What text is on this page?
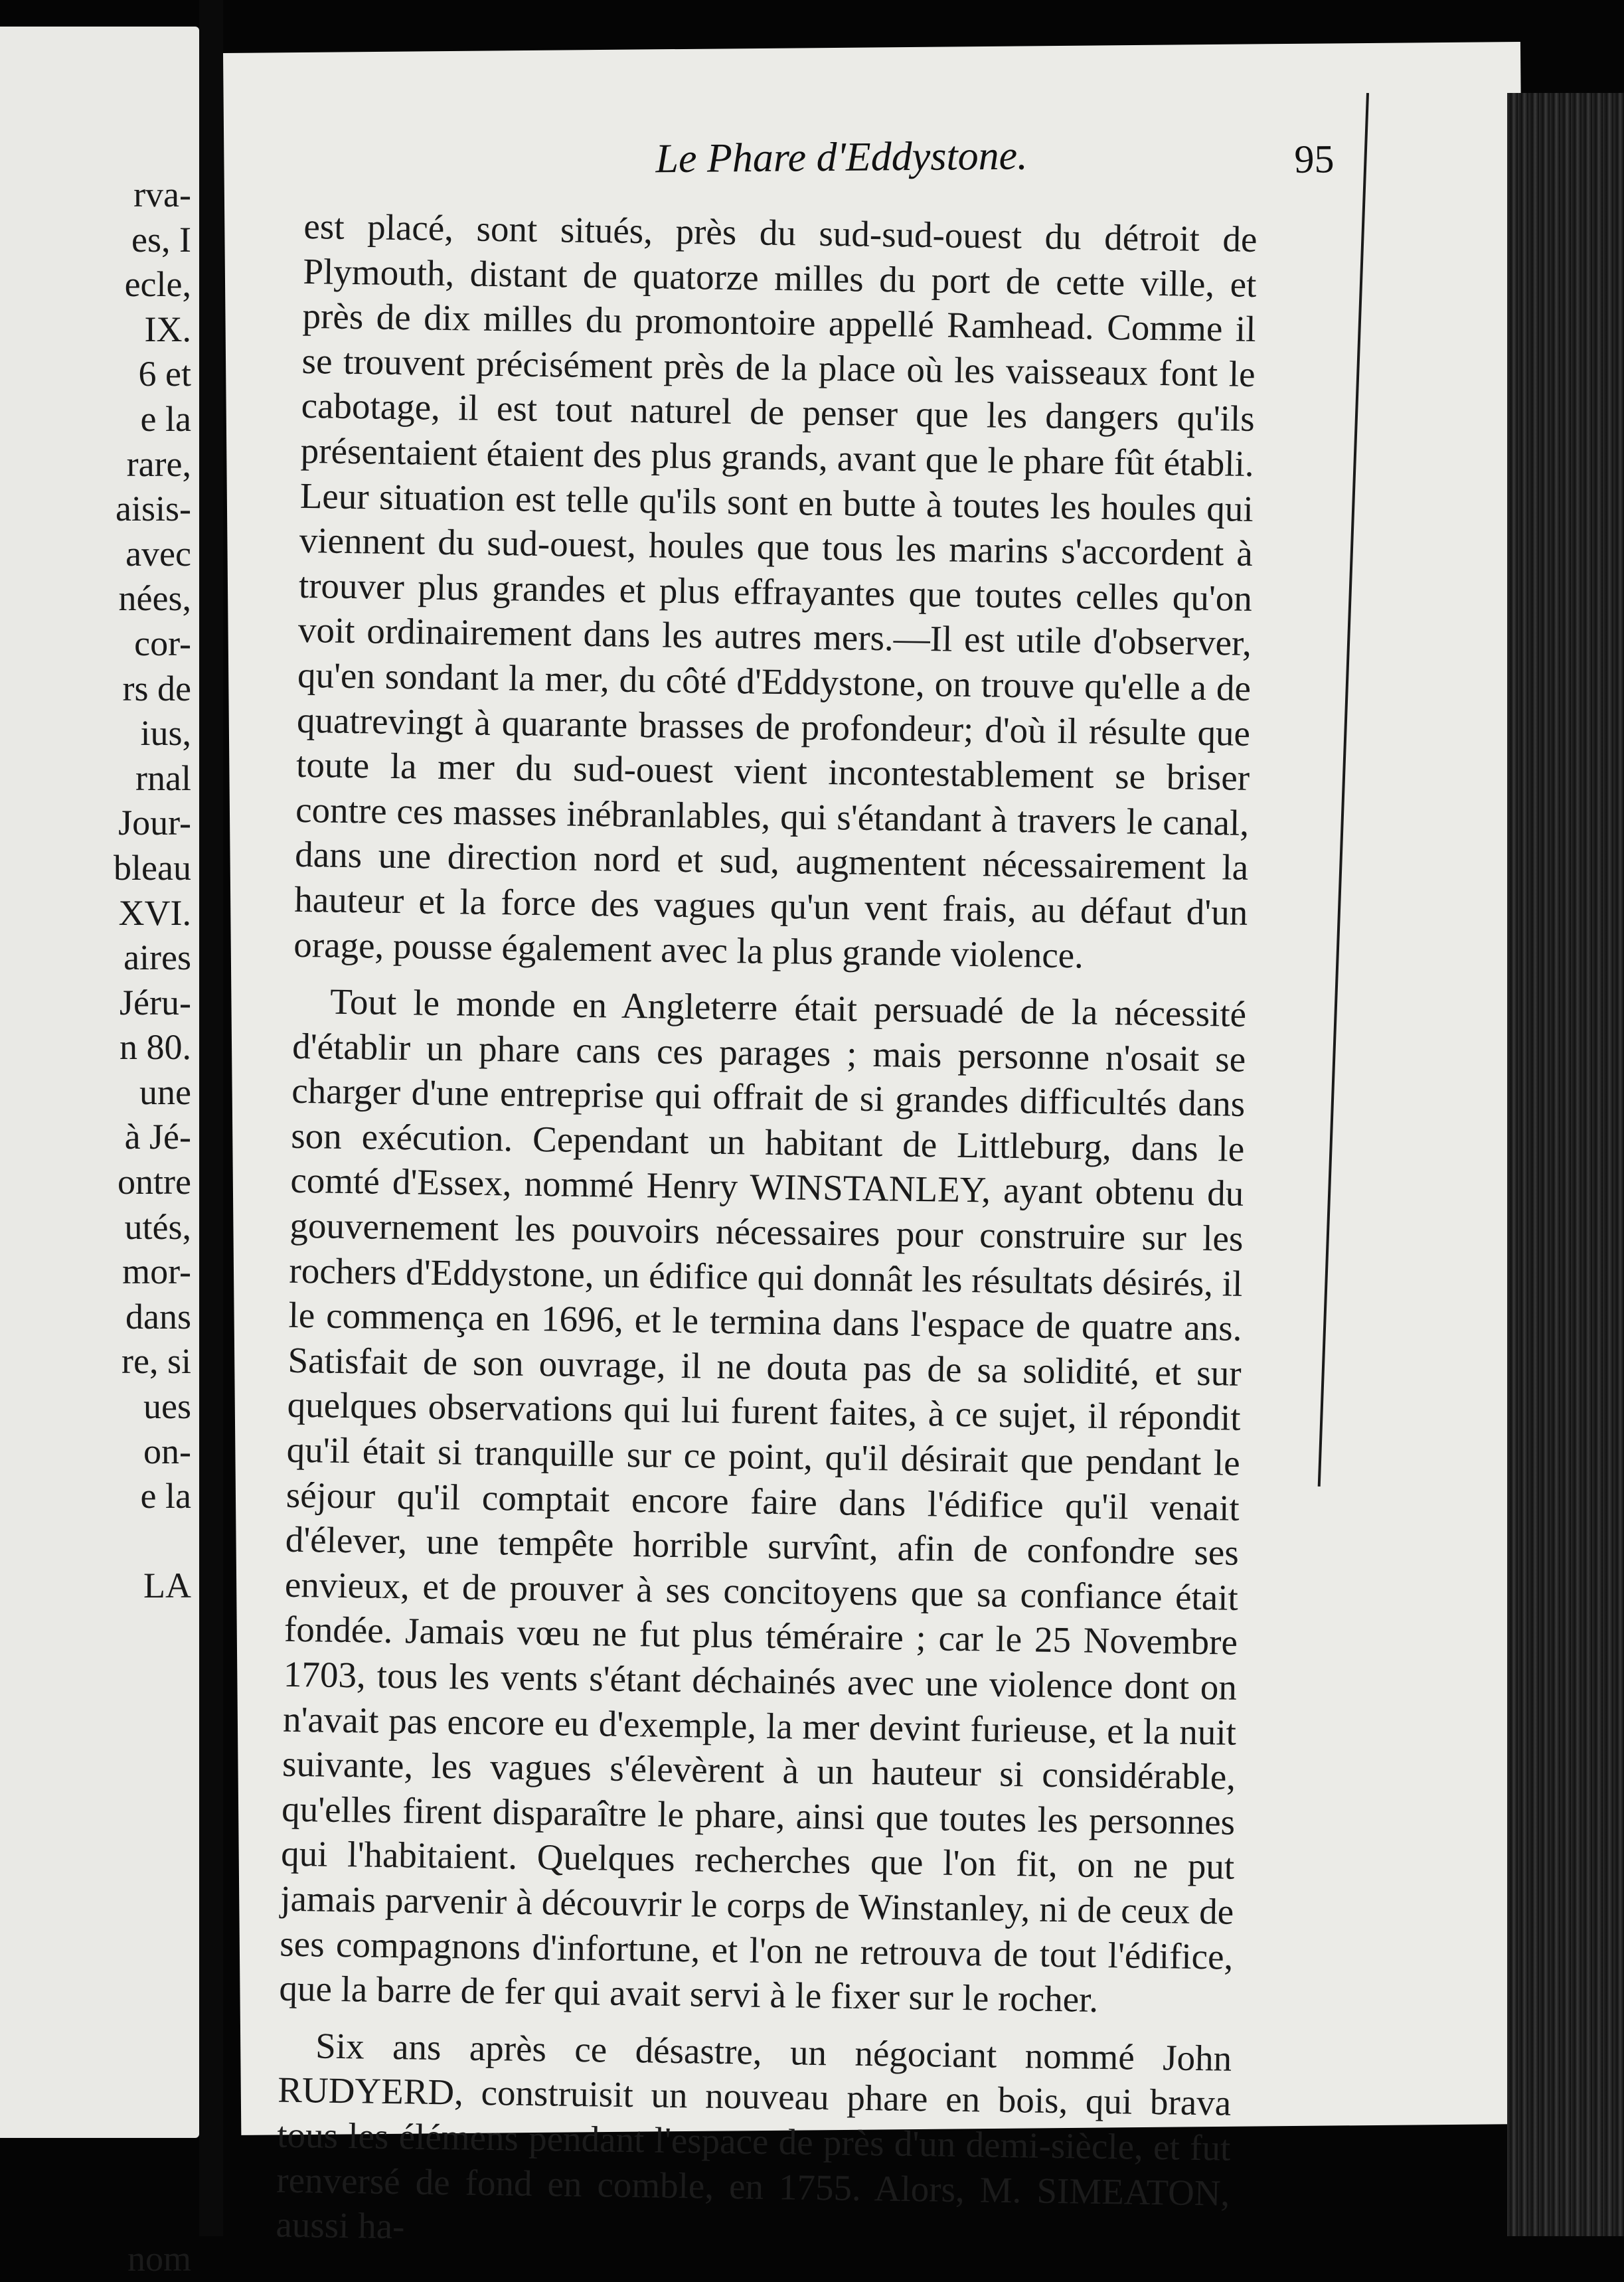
rva-
es, I
ecle,
IX.
6 et
e la
rare,
aisis-
avec
nées,
cor-
rs de
ius,
rnal
Jour-
bleau
XVI.
aires
Jéru-
n 80.
une
à Jé-
ontre
utés,
mor-
dans
re, si
ues
on-
e la
LA
nom
Le Phare d'Eddystone.	95

est placé, sont situés, près du sud-sud-ouest du détroit de Plymouth, distant de quatorze milles du port de cette ville, et près de dix milles du promontoire appellé Ramhead. Comme il se trouvent précisément près de la place où les vaisseaux font le cabotage, il est tout naturel de penser que les dangers qu'ils présentaient étaient des plus grands, avant que le phare fût établi. Leur situation est telle qu'ils sont en butte à toutes les houles qui viennent du sud-ouest, houles que tous les marins s'accordent à trouver plus grandes et plus effrayantes que toutes celles qu'on voit ordinairement dans les autres mers.—Il est utile d'observer, qu'en sondant la mer, du côté d'Eddystone, on trouve qu'elle a de quatrevingt à quarante brasses de profondeur; d'où il résulte que toute la mer du sud-ouest vient incontestablement se briser contre ces masses inébranlables, qui s'étandant à travers le canal, dans une direction nord et sud, augmentent nécessairement la hauteur et la force des vagues qu'un vent frais, au défaut d'un orage, pousse également avec la plus grande violence.

Tout le monde en Angleterre était persuadé de la nécessité d'établir un phare cans ces parages ; mais personne n'osait se charger d'une entreprise qui offrait de si grandes difficultés dans son exécution. Cependant un habitant de Littleburg, dans le comté d'Essex, nommé Henry WINSTANLEY, ayant obtenu du gouvernement les pouvoirs nécessaires pour construire sur les rochers d'Eddystone, un édifice qui donnât les résultats désirés, il le commença en 1696, et le termina dans l'espace de quatre ans. Satisfait de son ouvrage, il ne douta pas de sa solidité, et sur quelques observations qui lui furent faites, à ce sujet, il répondit qu'il était si tranquille sur ce point, qu'il désirait que pendant le séjour qu'il comptait encore faire dans l'édifice qu'il venait d'élever, une tempête horrible survînt, afin de confondre ses envieux, et de prouver à ses concitoyens que sa confiance était fondée. Jamais vœu ne fut plus téméraire ; car le 25 Novembre 1703, tous les vents s'étant déchainés avec une violence dont on n'avait pas encore eu d'exemple, la mer devint furieuse, et la nuit suivante, les vagues s'élevèrent à un hauteur si considérable, qu'elles firent disparaître le phare, ainsi que toutes les personnes qui l'habitaient. Quelques recherches que l'on fit, on ne put jamais parvenir à découvrir le corps de Winstanley, ni de ceux de ses compagnons d'infortune, et l'on ne retrouva de tout l'édifice, que la barre de fer qui avait servi à le fixer sur le rocher.

Six ans après ce désastre, un négociant nommé John RUDYERD, construisit un nouveau phare en bois, qui brava tous les élémens pendant l'espace de près d'un demi-siècle, et fut renversé de fond en comble, en 1755. Alors, M. SIMEATON, aussi ha-
